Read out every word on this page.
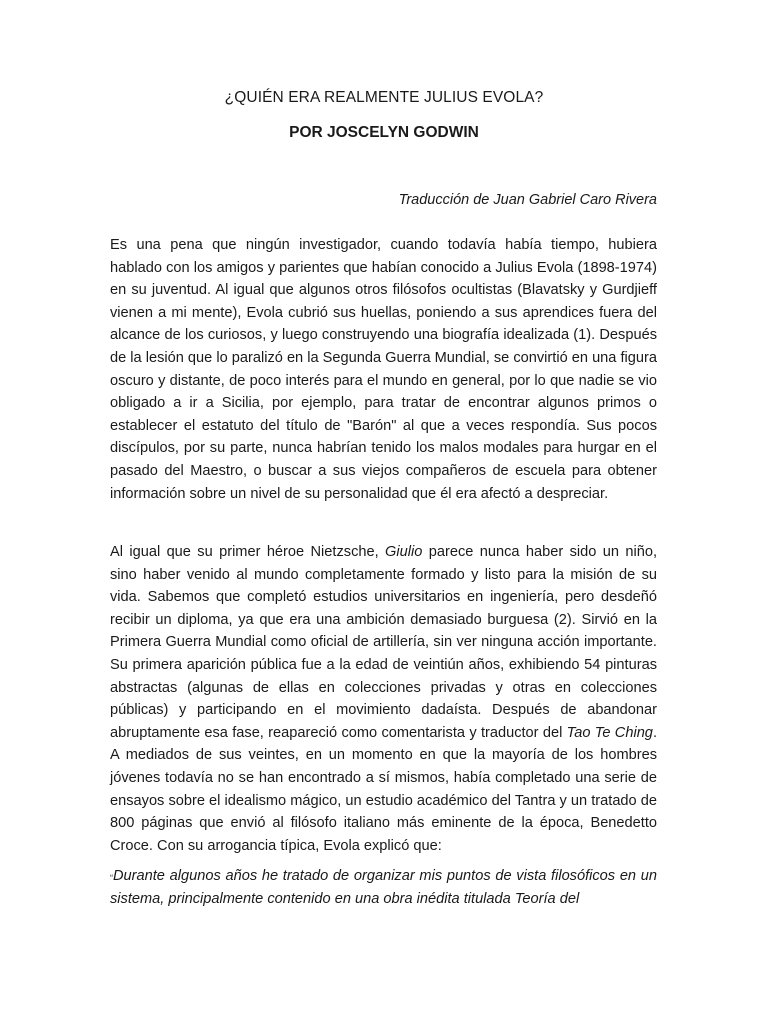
¿QUIÉN ERA REALMENTE JULIUS EVOLA?
POR JOSCELYN GODWIN

Traducción de Juan Gabriel Caro Rivera

Es una pena que ningún investigador, cuando todavía había tiempo, hubiera hablado con los amigos y parientes que habían conocido a Julius Evola (1898-1974) en su juventud. Al igual que algunos otros filósofos ocultistas (Blavatsky y Gurdjieff vienen a mi mente), Evola cubrió sus huellas, poniendo a sus aprendices fuera del alcance de los curiosos, y luego construyendo una biografía idealizada (1). Después de la lesión que lo paralizó en la Segunda Guerra Mundial, se convirtió en una figura oscuro y distante, de poco interés para el mundo en general, por lo que nadie se vio obligado a ir a Sicilia, por ejemplo, para tratar de encontrar algunos primos o establecer el estatuto del título de "Barón" al que a veces respondía. Sus pocos discípulos, por su parte, nunca habrían tenido los malos modales para hurgar en el pasado del Maestro, o buscar a sus viejos compañeros de escuela para obtener información sobre un nivel de su personalidad que él era afectó a despreciar.

Al igual que su primer héroe Nietzsche, Giulio parece nunca haber sido un niño, sino haber venido al mundo completamente formado y listo para la misión de su vida. Sabemos que completó estudios universitarios en ingeniería, pero desdeñó recibir un diploma, ya que era una ambición demasiado burguesa (2). Sirvió en la Primera Guerra Mundial como oficial de artillería, sin ver ninguna acción importante. Su primera aparición pública fue a la edad de veintiún años, exhibiendo 54 pinturas abstractas (algunas de ellas en colecciones privadas y otras en colecciones públicas) y participando en el movimiento dadaísta. Después de abandonar abruptamente esa fase, reapareció como comentarista y traductor del Tao Te Ching. A mediados de sus veintes, en un momento en que la mayoría de los hombres jóvenes todavía no se han encontrado a sí mismos, había completado una serie de ensayos sobre el idealismo mágico, un estudio académico del Tantra y un tratado de 800 páginas que envió al filósofo italiano más eminente de la época, Benedetto Croce. Con su arrogancia típica, Evola explicó que:

“Durante algunos años he tratado de organizar mis puntos de vista filosóficos en un sistema, principalmente contenido en una obra inédita titulada Teoría del
